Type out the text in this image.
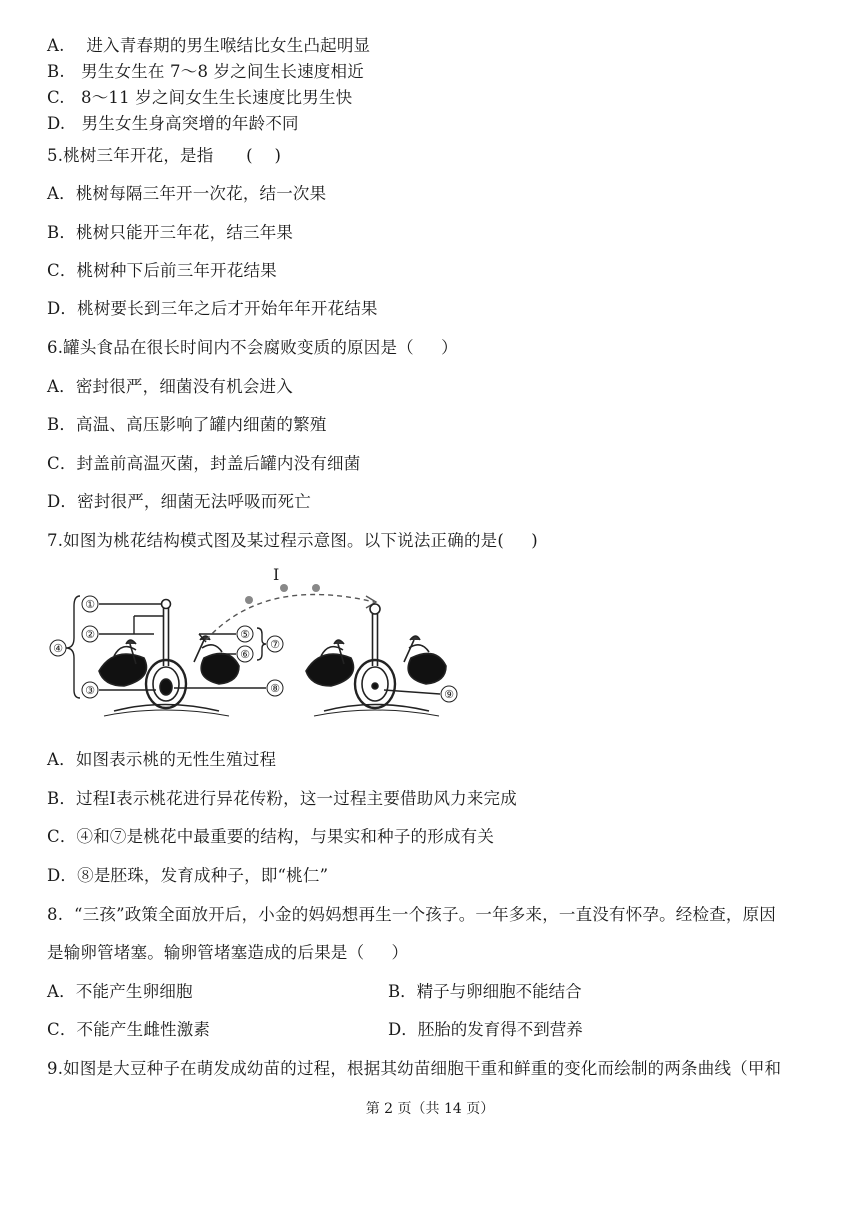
A.    进入青春期的男生喉结比女生凸起明显
B.   男生女生在 7～8 岁之间生长速度相近
C.   8～11 岁之间女生生长速度比男生快
D.   男生女生身高突增的年龄不同
5.桃树三年开花，是指      (    )
A．桃树每隔三年开一次花，结一次果
B．桃树只能开三年花，结三年果
C．桃树种下后前三年开花结果
D．桃树要长到三年之后才开始年年开花结果
6.罐头食品在很长时间内不会腐败变质的原因是（     ）
A．密封很严，细菌没有机会进入
B．高温、高压影响了罐内细菌的繁殖
C．封盖前高温灭菌，封盖后罐内没有细菌
D．密封很严，细菌无法呼吸而死亡
7.如图为桃花结构模式图及某过程示意图。以下说法正确的是(     )
①
②
④
③
⑤
⑥
⑦
⑧
I
⑨
A．如图表示桃的无性生殖过程
B．过程Ⅰ表示桃花进行异花传粉，这一过程主要借助风力来完成
C．④和⑦是桃花中最重要的结构，与果实和种子的形成有关
D．⑧是胚珠，发育成种子，即“桃仁”
8.  “三孩”政策全面放开后，小金的妈妈想再生一个孩子。一年多来，一直没有怀孕。经检查，原因
是输卵管堵塞。输卵管堵塞造成的后果是（     ）
A．不能产生卵细胞	B．精子与卵细胞不能结合
C．不能产生雌性激素	D．胚胎的发育得不到营养
9.如图是大豆种子在萌发成幼苗的过程，根据其幼苗细胞干重和鲜重的变化而绘制的两条曲线（甲和
第 2 页（共 14 页）
